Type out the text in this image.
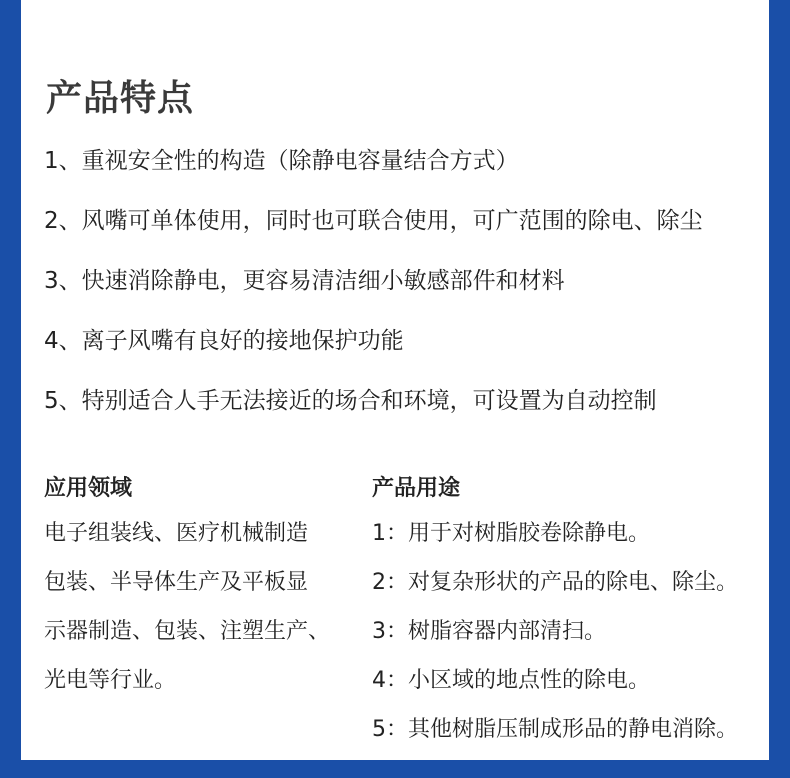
产品特点
1、重视安全性的构造（除静电容量结合方式）
2、风嘴可单体使用，同时也可联合使用，可广范围的除电、除尘
3、快速消除静电，更容易清洁细小敏感部件和材料
4、离子风嘴有良好的接地保护功能
5、特别适合人手无法接近的场合和环境，可设置为自动控制
应用领域
电子组装线、医疗机械制造
包装、半导体生产及平板显
示器制造、包装、注塑生产、
光电等行业。
产品用途
1：用于对树脂胶卷除静电。
2：对复杂形状的产品的除电、除尘。
3：树脂容器内部清扫。
4：小区域的地点性的除电。
5：其他树脂压制成形品的静电消除。
